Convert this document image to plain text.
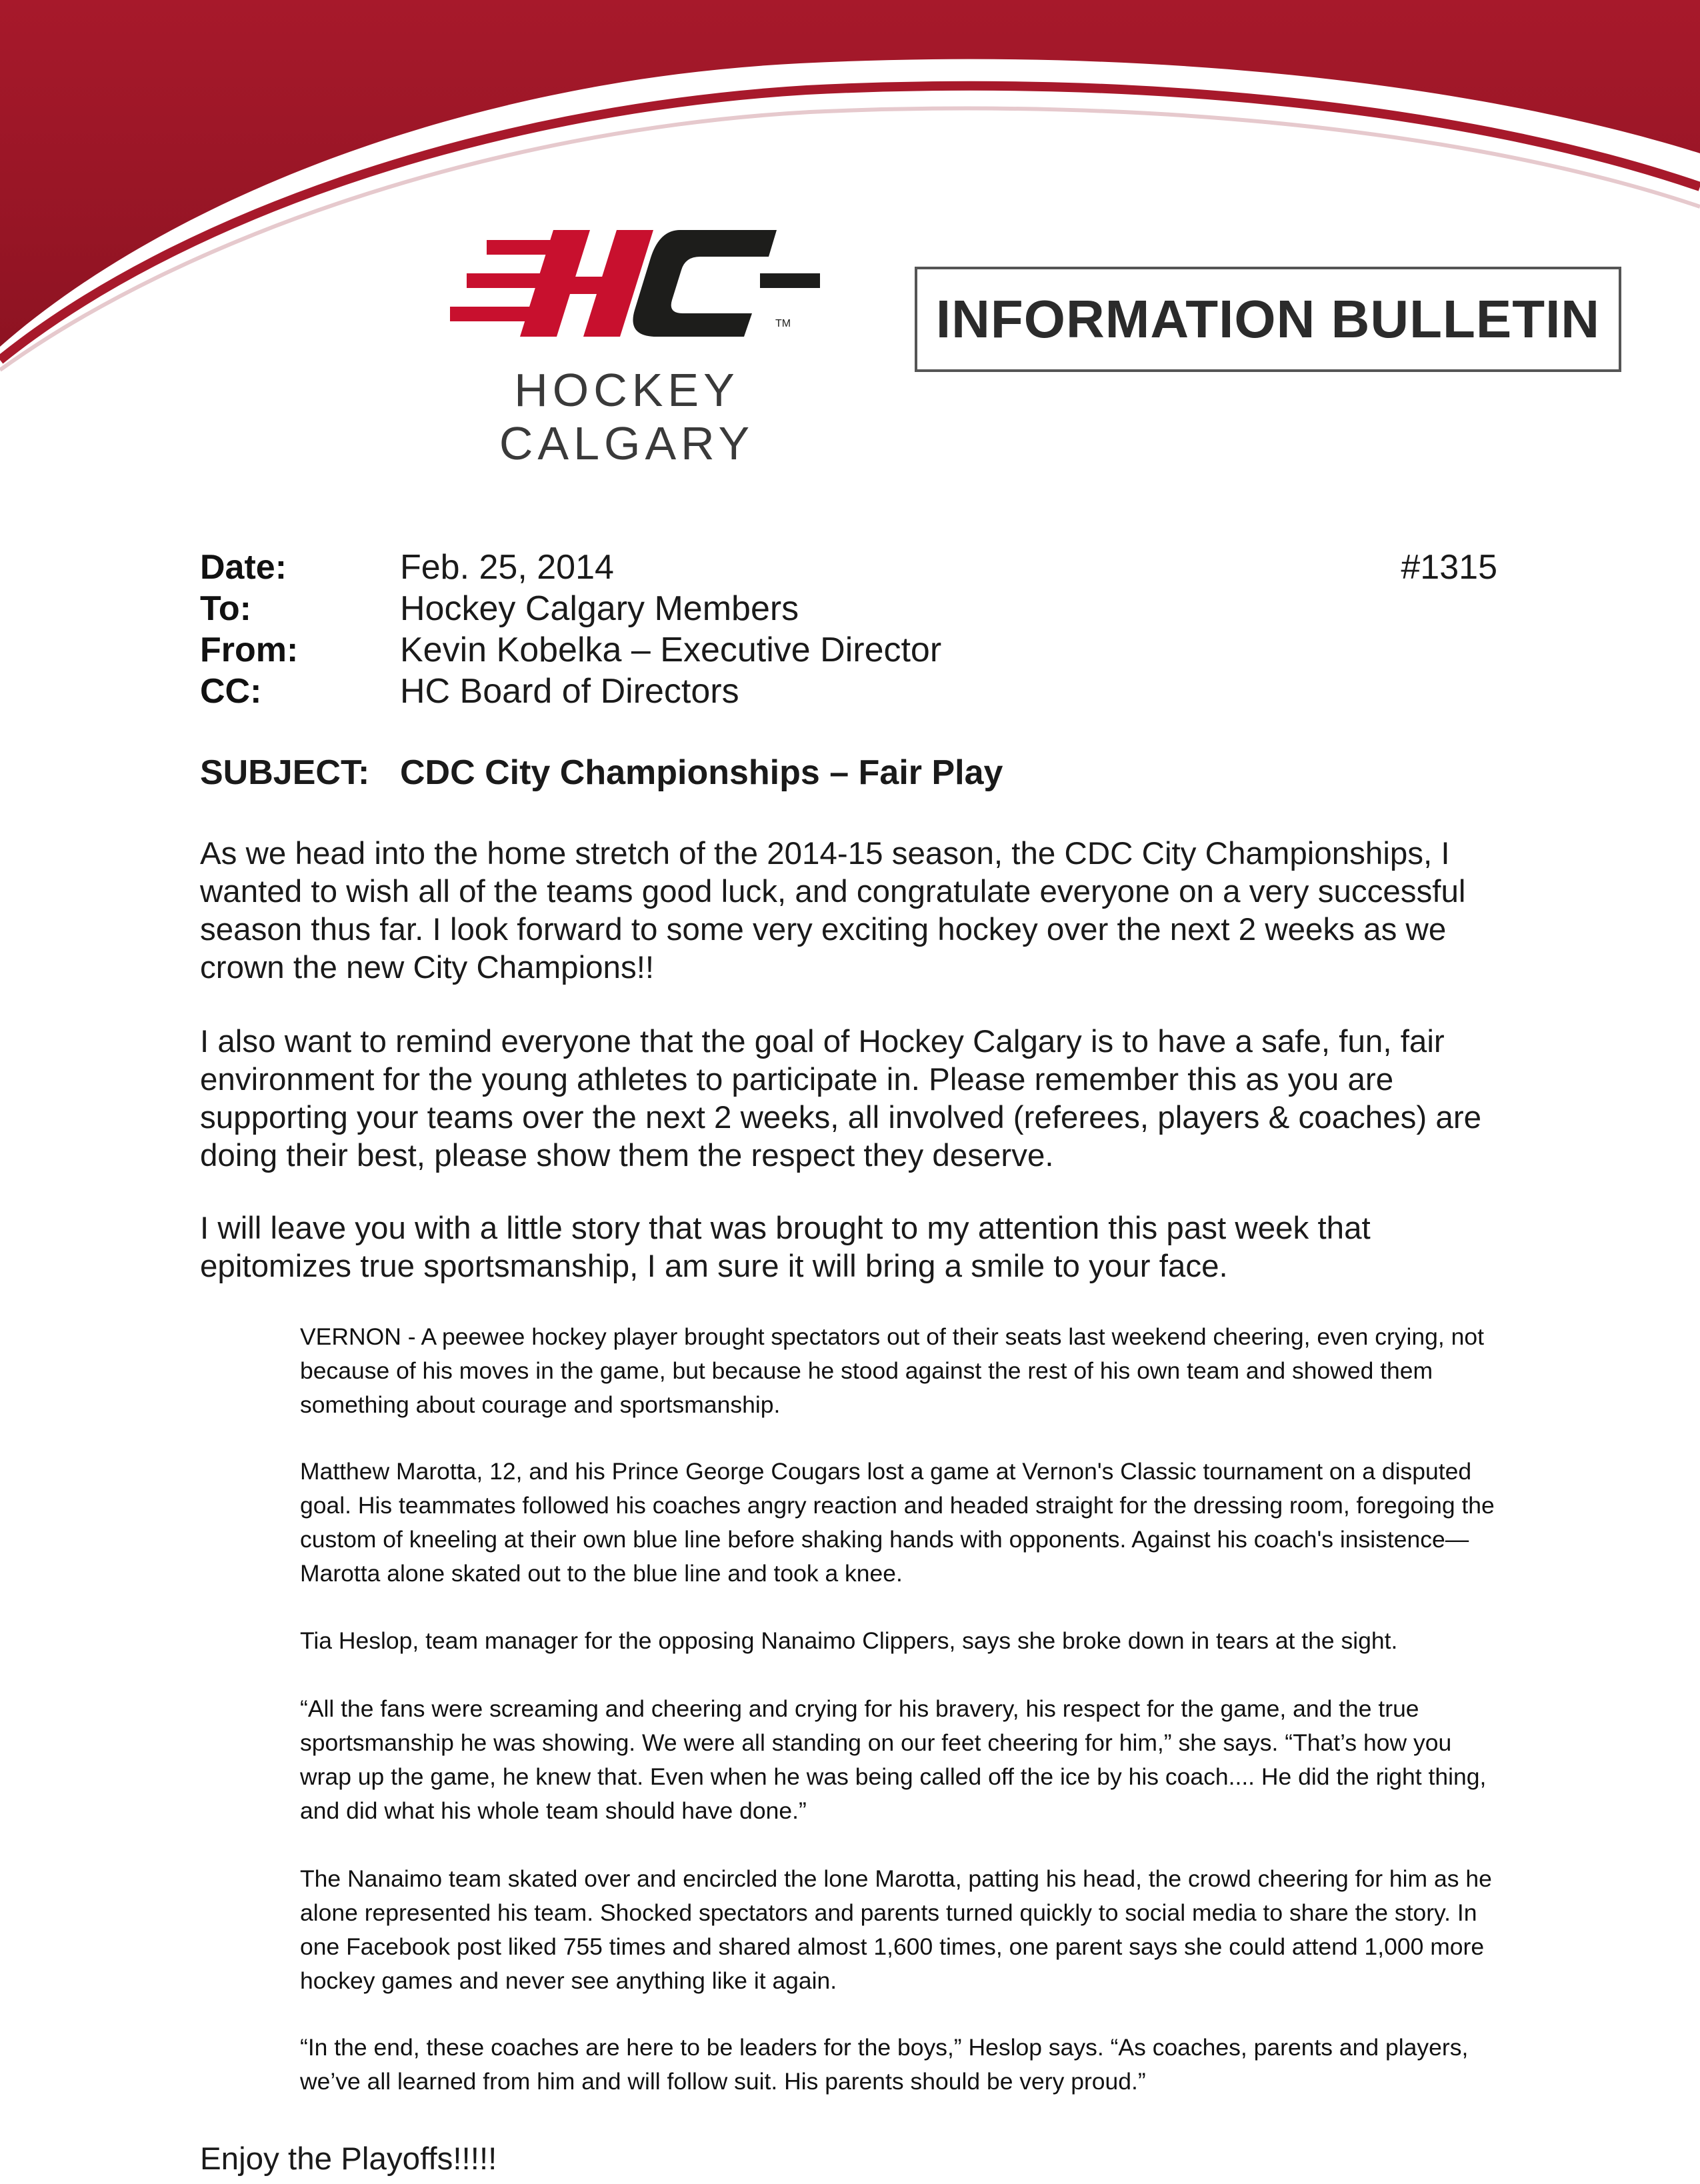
TM
HOCKEY CALGARY
INFORMATION BULLETIN
Date:	Feb. 25, 2014	#1315
To:	Hockey Calgary Members
From:	Kevin Kobelka – Executive Director
CC:	HC Board of Directors
SUBJECT: CDC City Championships – Fair Play

As we head into the home stretch of the 2014-15 season, the CDC City Championships, I wanted to wish all of the teams good luck, and congratulate everyone on a very successful season thus far. I look forward to some very exciting hockey over the next 2 weeks as we crown the new City Champions!!

I also want to remind everyone that the goal of Hockey Calgary is to have a safe, fun, fair environment for the young athletes to participate in. Please remember this as you are supporting your teams over the next 2 weeks, all involved (referees, players & coaches) are doing their best, please show them the respect they deserve.

I will leave you with a little story that was brought to my attention this past week that epitomizes true sportsmanship, I am sure it will bring a smile to your face.

VERNON - A peewee hockey player brought spectators out of their seats last weekend cheering, even crying, not because of his moves in the game, but because he stood against the rest of his own team and showed them something about courage and sportsmanship.

Matthew Marotta, 12, and his Prince George Cougars lost a game at Vernon's Classic tournament on a disputed goal. His teammates followed his coaches angry reaction and headed straight for the dressing room, foregoing the custom of kneeling at their own blue line before shaking hands with opponents. Against his coach's insistence—Marotta alone skated out to the blue line and took a knee.

Tia Heslop, team manager for the opposing Nanaimo Clippers, says she broke down in tears at the sight.

“All the fans were screaming and cheering and crying for his bravery, his respect for the game, and the true sportsmanship he was showing. We were all standing on our feet cheering for him,” she says. “That’s how you wrap up the game, he knew that. Even when he was being called off the ice by his coach.... He did the right thing, and did what his whole team should have done.”

The Nanaimo team skated over and encircled the lone Marotta, patting his head, the crowd cheering for him as he alone represented his team. Shocked spectators and parents turned quickly to social media to share the story. In one Facebook post liked 755 times and shared almost 1,600 times, one parent says she could attend 1,000 more hockey games and never see anything like it again.

“In the end, these coaches are here to be leaders for the boys,” Heslop says. “As coaches, parents and players, we’ve all learned from him and will follow suit. His parents should be very proud.”

Enjoy the Playoffs!!!!!
